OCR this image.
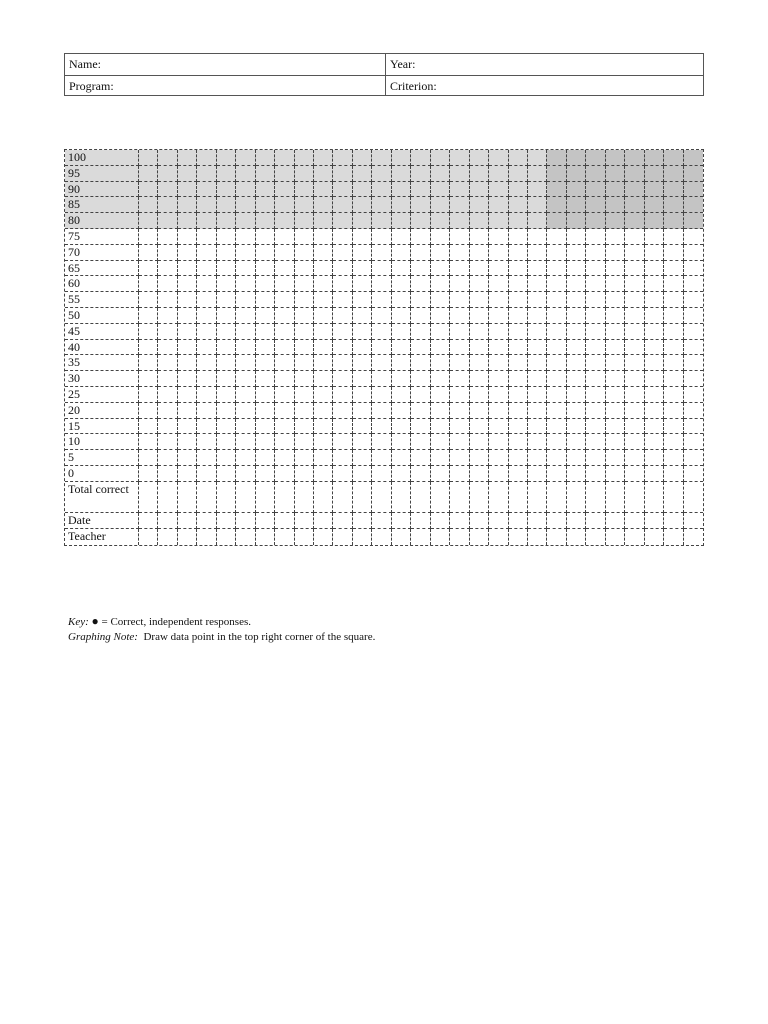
Name:	Year:
Program:	Criterion:
100
95
90
85
80
75
70
65
60
55
50
45
40
35
30
25
20
15
10
5
0
Total correct
Date
Teacher
Key: ● = Correct, independent responses.
Graphing Note: Draw data point in the top right corner of the square.
